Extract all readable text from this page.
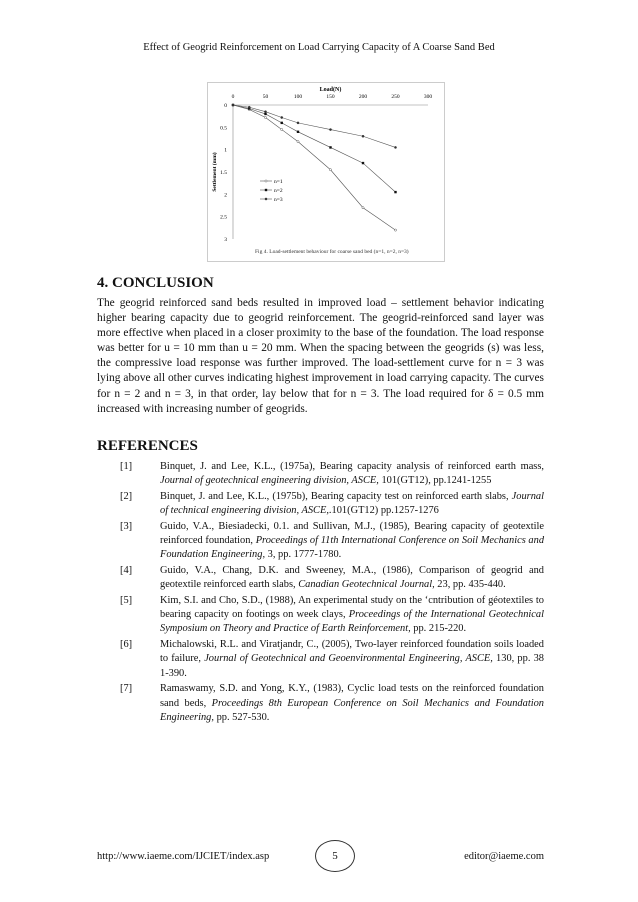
Effect of Geogrid Reinforcement on Load Carrying Capacity of A Coarse Sand Bed
Load(N)
0	50	100	150	200	250	300
0
0.5
1
1.5
2
2.5
3
Settlement (mm)	n=1
n=2
n=3
Fig 4. Load-settlement behaviour for coarse sand bed (n=1, n=2, n=3)
4. CONCLUSION

The geogrid reinforced sand beds resulted in improved load – settlement behavior indicating higher bearing capacity due to geogrid reinforcement. The geogrid-reinforced sand layer was more effective when placed in a closer proximity to the base of the foundation. The load response was better for u = 10 mm than u = 20 mm. When the spacing between the geogrids (s) was less, the compressive load response was further improved. The load-settlement curve for n = 3 was lying above all other curves indicating highest improvement in load carrying capacity. The curves for n = 2 and n = 3, in that order, lay below that for n = 3. The load required for δ = 0.5 mm increased with increasing number of geogrids.

REFERENCES
[1]	Binquet, J. and Lee, K.L., (1975a), Bearing capacity analysis of reinforced earth mass, Journal of geotechnical engineering division, ASCE, 101(GT12), pp.1241-1255
[2]	Binquet, J. and Lee, K.L., (1975b), Bearing capacity test on reinforced earth slabs, Journal of technical engineering division, ASCE,.101(GT12) pp.1257-1276
[3]	Guido, V.A., Biesiadecki, 0.1. and Sullivan, M.J., (1985), Bearing capacity of geotextile reinforced foundation, Proceedings of 11th International Conference on Soil Mechanics and Foundation Engineering, 3, pp. 1777-1780.
[4]	Guido, V.A., Chang, D.K. and Sweeney, M.A., (1986), Comparison of geogrid and geotextile reinforced earth slabs, Canadian Geotechnical Journal, 23, pp. 435-440.
[5]	Kim, S.I. and Cho, S.D., (1988), An experimental study on the ‘cntribution of géotextiles to bearing capacity on footings on week clays, Proceedings of the International Geotechnical Symposium on Theory and Practice of Earth Reinforcement, pp. 215-220.
[6]	Michalowski, R.L. and Viratjandr, C., (2005), Two-layer reinforced foundation soils loaded to failure, Journal of Geotechnical and Geoenvironmental Engineering, ASCE, 130, pp. 38 1-390.
[7]	Ramaswamy, S.D. and Yong, K.Y., (1983), Cyclic load tests on the reinforced foundation sand beds, Proceedings 8th European Conference on Soil Mechanics and Foundation Engineering, pp. 527-530.
http://www.iaeme.com/IJCIET/index.asp	5	editor@iaeme.com
